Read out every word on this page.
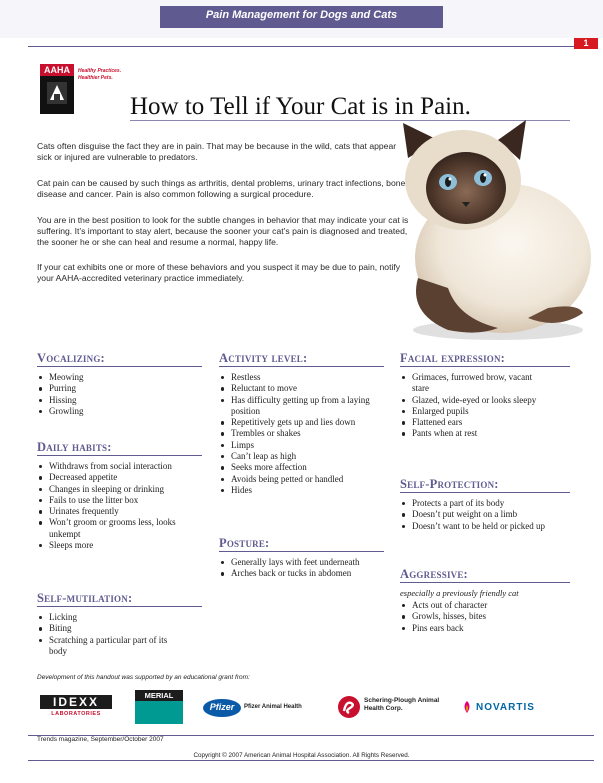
Pain Management for Dogs and Cats
1
AAHA	Healthy Practices. Healthier Pets.
How to Tell if Your Cat is in Pain.

Cats often disguise the fact they are in pain. That may be because in the wild, cats that appear sick or injured are vulnerable to predators.

Cat pain can be caused by such things as arthritis, dental problems, urinary tract infections, bone disease and cancer. Pain is also common following a surgical procedure.

You are in the best position to look for the subtle changes in behavior that may indicate your cat is suffering. It’s important to stay alert, because the sooner your cat’s pain is diagnosed and treated, the sooner he or she can heal and resume a normal, happy life.

If your cat exhibits one or more of these behaviors and you suspect it may be due to pain, notify your AAHA-accredited veterinary practice immediately.

Vocalizing:
Meowing
Purring
Hissing
Growling
Daily habits:
Withdraws from social interaction
Decreased appetite
Changes in sleeping or drinking
Fails to use the litter box
Urinates frequently
Won’t groom or grooms less, looks unkempt
Sleeps more
Self-mutilation:
Licking
Biting
Scratching a particular part of its body
Activity level:
Restless
Reluctant to move
Has difficulty getting up from a laying position
Repetitively gets up and lies down
Trembles or shakes
Limps
Can’t leap as high
Seeks more affection
Avoids being petted or handled
Hides
Posture:
Generally lays with feet underneath
Arches back or tucks in abdomen
Facial expression:
Grimaces, furrowed brow, vacant stare
Glazed, wide-eyed or looks sleepy
Enlarged pupils
Flattened ears
Pants when at rest
Self-Protection:
Protects a part of its body
Doesn’t put weight on a limb
Doesn’t want to be held or picked up
Aggressive:
especially a previously friendly cat
Acts out of character
Growls, hisses, bites
Pins ears back
Development of this handout was supported by an educational grant from:
IDEXX
LABORATORIES
MERIAL
Pfizer	Pfizer Animal Health
Schering-Plough Animal Health Corp.	NOVARTIS
Trends magazine, September/October 2007
Copyright © 2007 American Animal Hospital Association. All Rights Reserved.
